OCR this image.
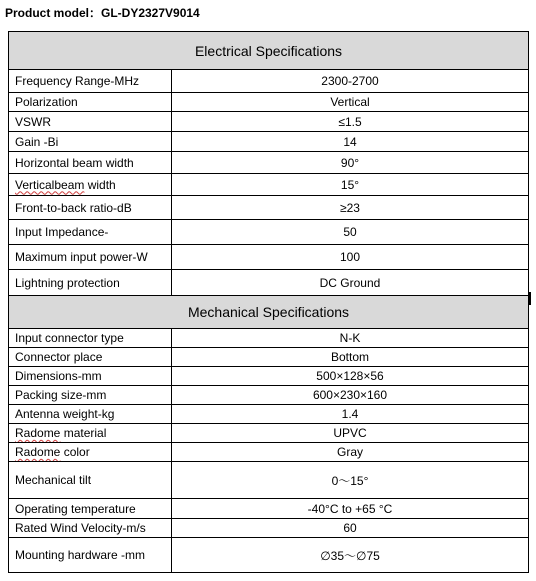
Product model：GL-DY2327V9014
Electrical Specifications	
Frequency Range-MHz	2300-2700
Polarization	Vertical
VSWR	≤1.5
Gain -Bi	14
Horizontal beam width	90°
Verticalbeam width	15°
Front-to-back ratio-dB	≥23
Input Impedance-	50
Maximum input power-W	100
Lightning protection	DC Ground
Mechanical Specifications	
Input connector type	N-K
Connector place	Bottom
Dimensions-mm	500×128×56
Packing size-mm	600×230×160
Antenna weight-kg	1.4
Radome material	UPVC
Radome color	Gray
Mechanical tilt	0～15°
Operating temperature	-40°C to +65 °C
Rated Wind Velocity-m/s	60
Mounting hardware -mm	∅35～∅75
